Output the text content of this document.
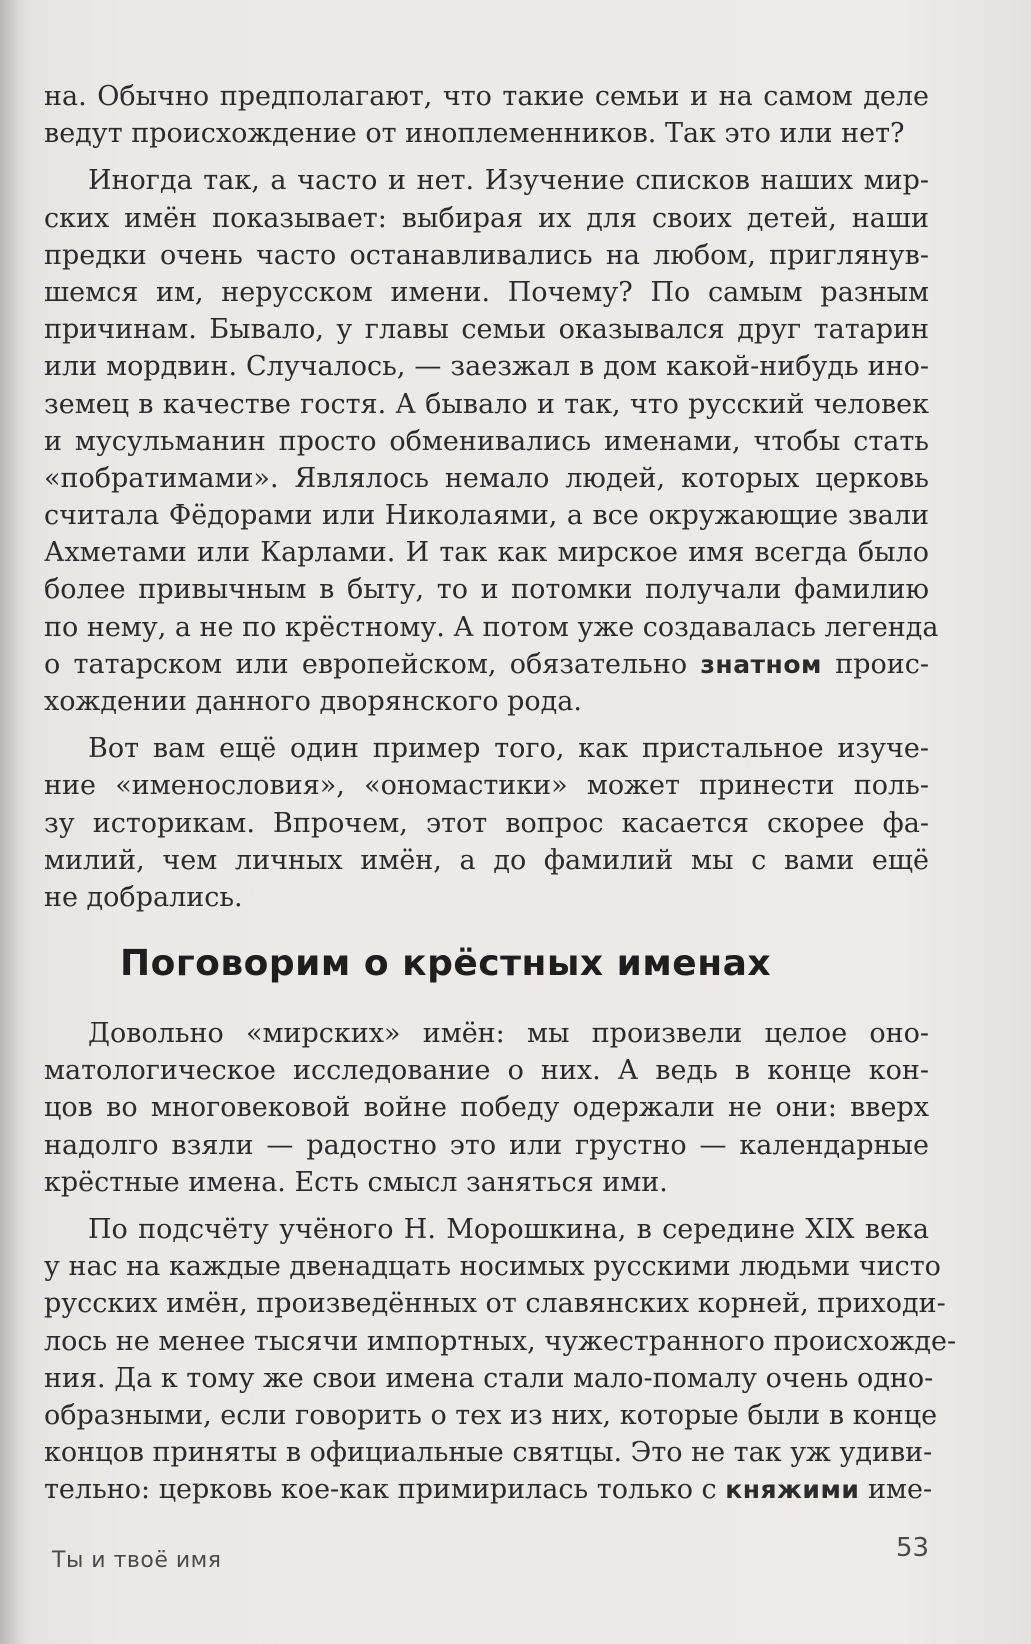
на. Обычно предполагают, что такие семьи и на самом деле
ведут происхождение от иноплеменников. Так это или нет?
Иногда так, а часто и нет. Изучение списков наших мир-
ских имён показывает: выбирая их для своих детей, наши
предки очень часто останавливались на любом, приглянув-
шемся им, нерусском имени. Почему? По самым разным
причинам. Бывало, у главы семьи оказывался друг татарин
или мордвин. Случалось, — заезжал в дом какой-нибудь ино-
земец в качестве гостя. А бывало и так, что русский человек
и мусульманин просто обменивались именами, чтобы стать
«побратимами». Являлось немало людей, которых церковь
считала Фёдорами или Николаями, а все окружающие звали
Ахметами или Карлами. И так как мирское имя всегда было
более привычным в быту, то и потомки получали фамилию
по нему, а не по крёстному. А потом уже создавалась легенда
о татарском или европейском, обязательно знатном проис-
хождении данного дворянского рода.
Вот вам ещё один пример того, как пристальное изуче-
ние «именословия», «ономастики» может принести поль-
зу историкам. Впрочем, этот вопрос касается скорее фа-
милий, чем личных имён, а до фамилий мы с вами ещё
не добрались.
Поговорим о крёстных именах
Довольно «мирских» имён: мы произвели целое оно-
матологическое исследование о них. А ведь в конце кон-
цов во многовековой войне победу одержали не они: вверх
надолго взяли — радостно это или грустно — календарные
крёстные имена. Есть смысл заняться ими.
По подсчёту учёного Н. Морошкина, в середине XIX века
у нас на каждые двенадцать носимых русскими людьми чисто
русских имён, произведённых от славянских корней, приходи-
лось не менее тысячи импортных, чужестранного происхожде-
ния. Да к тому же свои имена стали мало-помалу очень одно-
образными, если говорить о тех из них, которые были в конце
концов приняты в официальные святцы. Это не так уж удиви-
тельно: церковь кое-как примирилась только с княжими име-
Ты и твоё имя	53
